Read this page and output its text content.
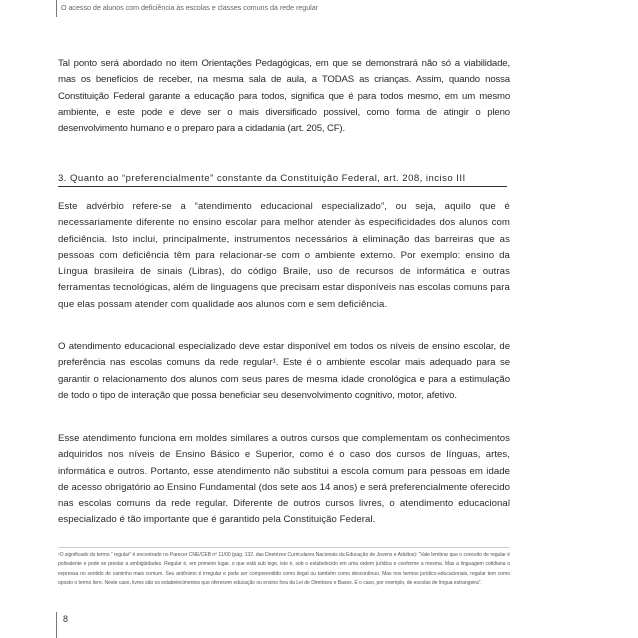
O acesso de alunos com deficiência às escolas e classes comuns da rede regular

Tal ponto será abordado no item Orientações Pedagógicas, em que se demonstrará não só a viabilidade, mas os benefícios de receber, na mesma sala de aula, a TODAS as crianças. Assim, quando nossa Constituição Federal garante a educação para todos, significa que é para todos mesmo, em um mesmo ambiente, e este pode e deve ser o mais diversificado possível, como forma de atingir o pleno desenvolvimento humano e o preparo para a cidadania (art. 205, CF).

3. Quanto ao “preferencialmente” constante da Constituição Federal, art. 208, inciso III

Este advérbio refere-se a “atendimento educacional especializado”, ou seja, aquilo que é necessariamente diferente no ensino escolar para melhor atender às especificidades dos alunos com deficiência. Isto inclui, principalmente, instrumentos necessários à eliminação das barreiras que as pessoas com deficiência têm para relacionar-se com o ambiente externo. Por exemplo: ensino da Língua brasileira de sinais (Libras), do código Braile, uso de recursos de informática e outras ferramentas tecnológicas, além de linguagens que precisam estar disponíveis nas escolas comuns para que elas possam atender com qualidade aos alunos com e sem deficiência.

O atendimento educacional especializado deve estar disponível em todos os níveis de ensino escolar, de preferência nas escolas comuns da rede regular¹. Este é o ambiente escolar mais adequado para se garantir o relacionamento dos alunos com seus pares de mesma idade cronológica e para a estimulação de todo o tipo de interação que possa beneficiar seu desenvolvimento cognitivo, motor, afetivo.

Esse atendimento funciona em moldes similares a outros cursos que complementam os conhecimentos adquiridos nos níveis de Ensino Básico e Superior, como é o caso dos cursos de línguas, artes, informática e outros. Portanto, esse atendimento não substitui a escola comum para pessoas em idade de acesso obrigatório ao Ensino Fundamental (dos sete aos 14 anos) e será preferencialmente oferecido nas escolas comuns da rede regular. Diferente de outros cursos livres, o atendimento educacional especializado é tão importante que é garantido pela Constituição Federal.

¹O significado do termo “ regular” é encontrado no Parecer CNE/CEB nº 11/00 (pág. 132, das Diretrizes Curriculares Nacionais da Educação de Jovens e Adultos): “Vale lembrar que o conceito de regular é polivalente e pode se prestar a ambigüidades. Regular é, em primeiro lugar, o que está sub lege, isto é, sob o estabelecido em uma ordem jurídica e conforme a mesma. Mas a linguagem cotidiana o expressa no sentido de caminho mais comum. Seu antônimo é irregular e pode ser compreendido como ilegal ou também como descontínuo. Mas nos termos jurídico-educacionais, regular tem como oposto o termo livre. Neste caso, livres são os estabelecimentos que oferecem educação ou ensino fora da Lei de Diretrizes e Bases. É o caso, por exemplo, de escolas de língua estrangeira”.

8
